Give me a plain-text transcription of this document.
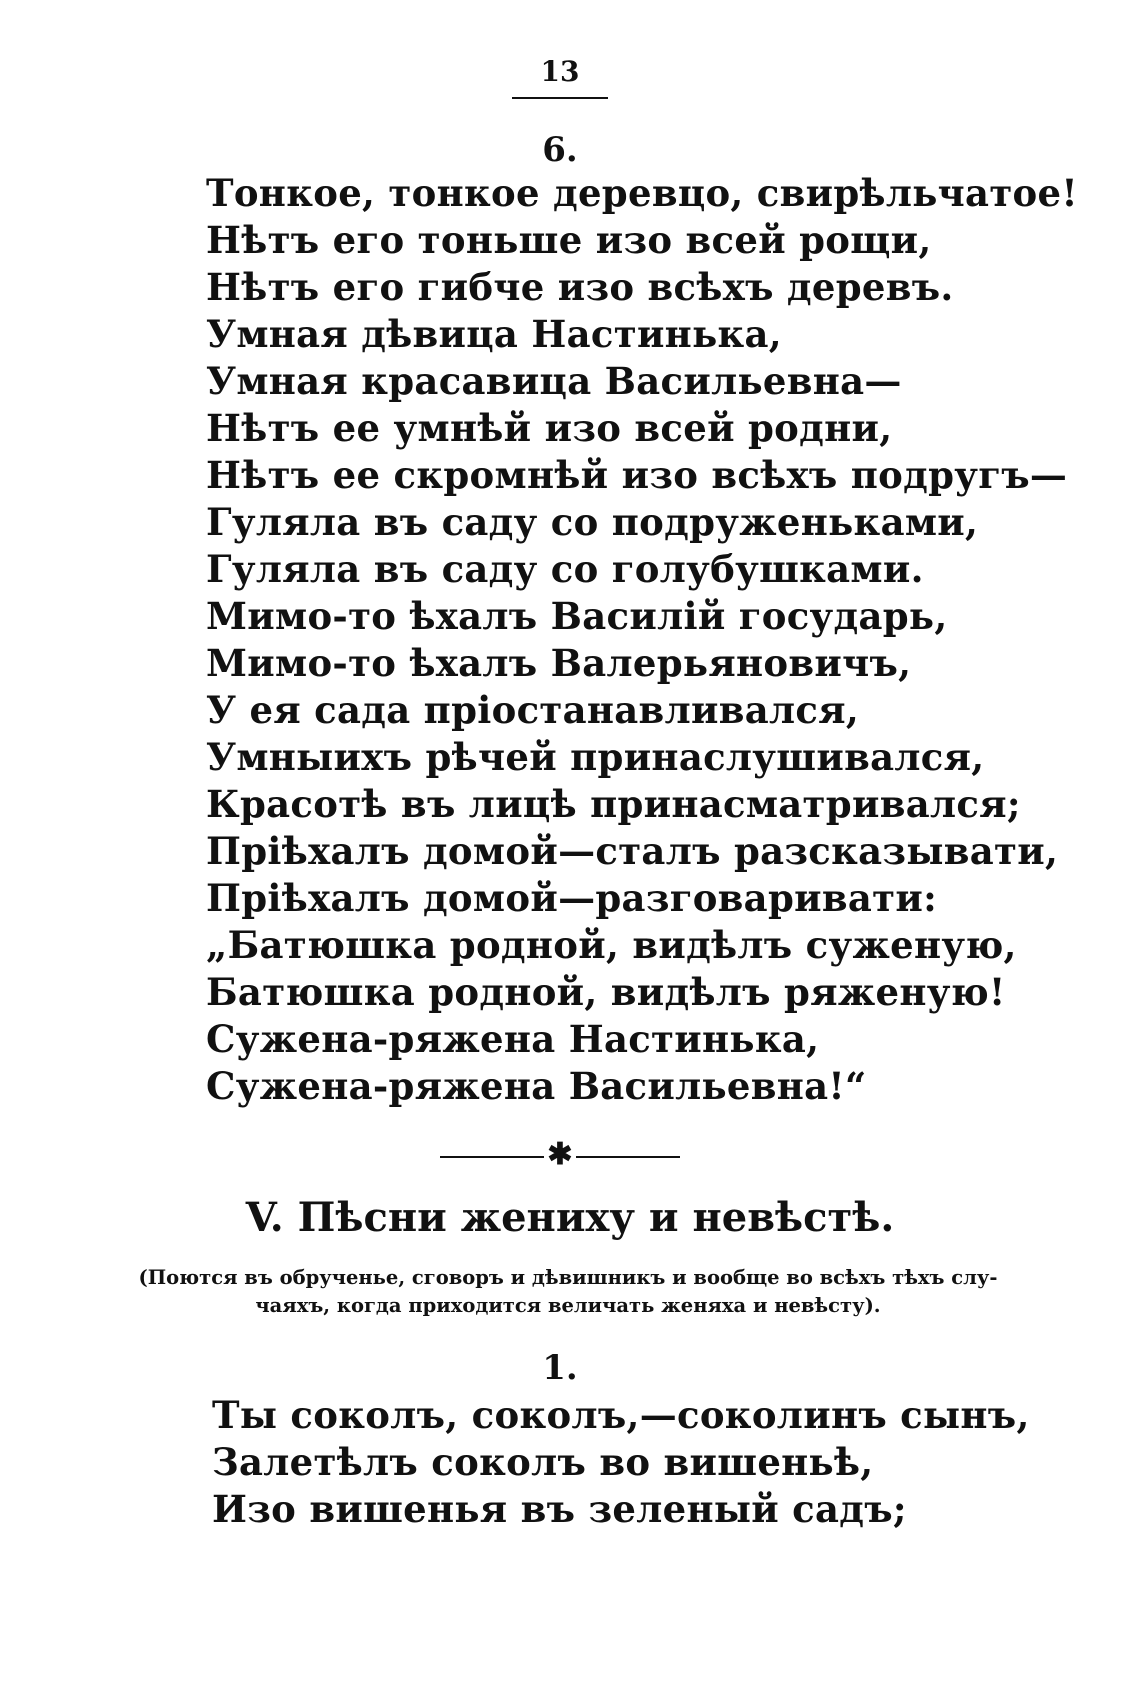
13
6.
Тонкое, тонкое деревцо, свирѣльчатое!
Нѣтъ его тоньше изо всей рощи,
Нѣтъ его гибче изо всѣхъ деревъ.
Умная дѣвица Настинька,
Умная красавица Васильевна—
Нѣтъ ее умнѣй изо всей родни,
Нѣтъ ее скромнѣй изо всѣхъ подругъ—
Гуляла въ саду со подруженьками,
Гуляла въ саду со голубушками.
Мимо-то ѣхалъ Василій государь,
Мимо-то ѣхалъ Валерьяновичъ,
У ея сада пріостанавливался,
Умныихъ рѣчей принаслушивался,
Красотѣ въ лицѣ принасматривался;
Пріѣхалъ домой—сталъ разсказывати,
Пріѣхалъ домой—разговаривати:
„Батюшка родной, видѣлъ суженую,
Батюшка родной, видѣлъ ряженую!
Сужена-ряжена Настинька,
Сужена-ряжена Васильевна!“
✱
V. Пѣсни жениху и невѣстѣ.
(Поются въ обрученье, сговоръ и дѣвишникъ и вообще во всѣхъ тѣхъ слу-
чаяхъ, когда приходится величать женяха и невѣсту).
1.
Ты соколъ, соколъ,—соколинъ сынъ,
Залетѣлъ соколъ во вишеньѣ,
Изо вишенья въ зеленый садъ;
